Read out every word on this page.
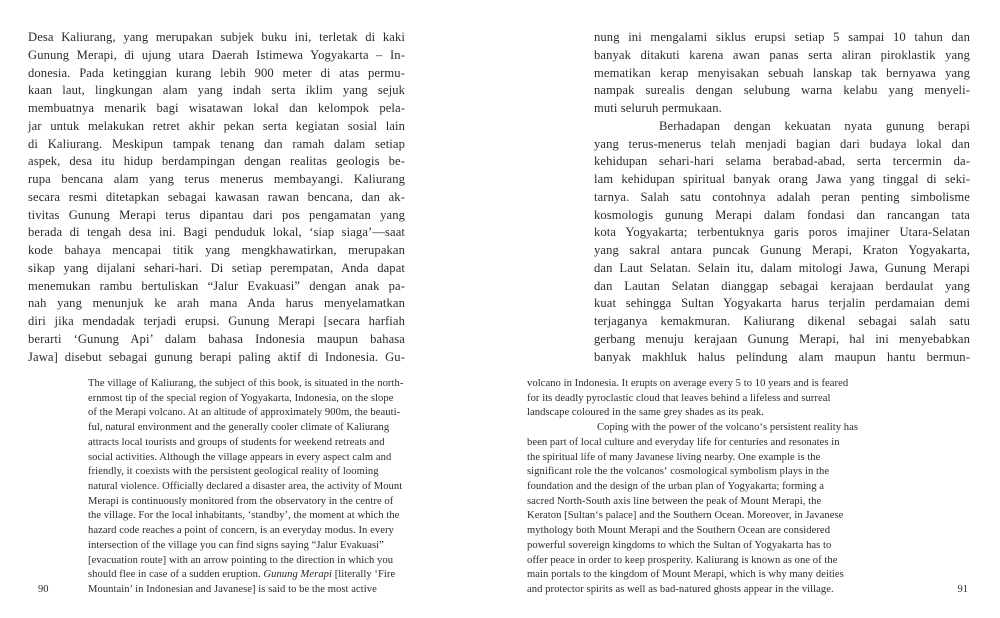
Desa Kaliurang, yang merupakan subjek buku ini, terletak di kaki
Gunung Merapi, di ujung utara Daerah Istimewa Yogyakarta – In-
donesia. Pada ketinggian kurang lebih 900 meter di atas permu-
kaan laut, lingkungan alam yang indah serta iklim yang sejuk
membuatnya menarik bagi wisatawan lokal dan kelompok pela-
jar untuk melakukan retret akhir pekan serta kegiatan sosial lain
di Kaliurang. Meskipun tampak tenang dan ramah dalam setiap
aspek, desa itu hidup berdampingan dengan realitas geologis be-
rupa bencana alam yang terus menerus membayangi. Kaliurang
secara resmi ditetapkan sebagai kawasan rawan bencana, dan ak-
tivitas Gunung Merapi terus dipantau dari pos pengamatan yang
berada di tengah desa ini. Bagi penduduk lokal, ‘siap siaga’—saat
kode bahaya mencapai titik yang mengkhawatirkan, merupakan
sikap yang dijalani sehari-hari. Di setiap perempatan, Anda dapat
menemukan rambu bertuliskan “Jalur Evakuasi” dengan anak pa-
nah yang menunjuk ke arah mana Anda harus menyelamatkan
diri jika mendadak terjadi erupsi. Gunung Merapi [secara harfiah
berarti ‘Gunung Api’ dalam bahasa Indonesia maupun bahasa
Jawa] disebut sebagai gunung berapi paling aktif di Indonesia. Gu-
The village of Kaliurang, the subject of this book, is situated in the north-
ernmost tip of the special region of Yogyakarta, Indonesia, on the slope
of the Merapi volcano. At an altitude of approximately 900m, the beauti-
ful, natural environment and the generally cooler climate of Kaliurang
attracts local tourists and groups of students for weekend retreats and
social activities. Although the village appears in every aspect calm and
friendly, it coexists with the persistent geological reality of looming
natural violence. Officially declared a disaster area, the activity of Mount
Merapi is continuously monitored from the observatory in the centre of
the village. For the local inhabitants, ‘standby’, the moment at which the
hazard code reaches a point of concern, is an everyday modus. In every
intersection of the village you can find signs saying “Jalur Evakuasi”
[evacuation route] with an arrow pointing to the direction in which you
should flee in case of a sudden eruption. Gunung Merapi [literally ‘Fire
Mountain’ in Indonesian and Javanese] is said to be the most active
90
nung ini mengalami siklus erupsi setiap 5 sampai 10 tahun dan
banyak ditakuti karena awan panas serta aliran piroklastik yang
mematikan kerap menyisakan sebuah lanskap tak bernyawa yang
nampak surealis dengan selubung warna kelabu yang menyeli-
muti seluruh permukaan.
Berhadapan dengan kekuatan nyata gunung berapi
yang terus-menerus telah menjadi bagian dari budaya lokal dan
kehidupan sehari-hari selama berabad-abad, serta tercermin da-
lam kehidupan spiritual banyak orang Jawa yang tinggal di seki-
tarnya. Salah satu contohnya adalah peran penting simbolisme
kosmologis gunung Merapi dalam fondasi dan rancangan tata
kota Yogyakarta; terbentuknya garis poros imajiner Utara-Selatan
yang sakral antara puncak Gunung Merapi, Kraton Yogyakarta,
dan Laut Selatan. Selain itu, dalam mitologi Jawa, Gunung Merapi
dan Lautan Selatan dianggap sebagai kerajaan berdaulat yang
kuat sehingga Sultan Yogyakarta harus terjalin perdamaian demi
terjaganya kemakmuran. Kaliurang dikenal sebagai salah satu
gerbang menuju kerajaan Gunung Merapi, hal ini menyebabkan
banyak makhluk halus pelindung alam maupun hantu bermun-
volcano in Indonesia. It erupts on average every 5 to 10 years and is feared
for its deadly pyroclastic cloud that leaves behind a lifeless and surreal
landscape coloured in the same grey shades as its peak.
Coping with the power of the volcano‘s persistent reality has
been part of local culture and everyday life for centuries and resonates in
the spiritual life of many Javanese living nearby. One example is the
significant role the the volcanos‘ cosmological symbolism plays in the
foundation and the design of the urban plan of Yogyakarta; forming a
sacred North-South axis line between the peak of Mount Merapi, the
Keraton [Sultan‘s palace] and the Southern Ocean. Moreover, in Javanese
mythology both Mount Merapi and the Southern Ocean are considered
powerful sovereign kingdoms to which the Sultan of Yogyakarta has to
offer peace in order to keep prosperity. Kaliurang is known as one of the
main portals to the kingdom of Mount Merapi, which is why many deities
and protector spirits as well as bad-natured ghosts appear in the village.	91
